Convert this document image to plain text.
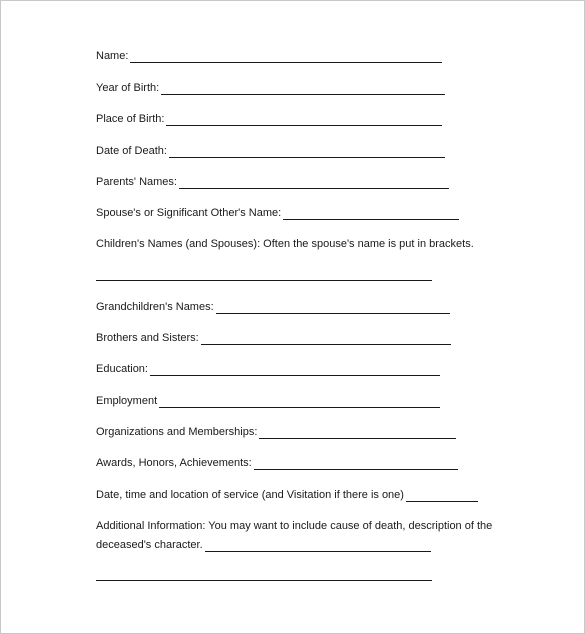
Name:
Year of Birth:
Place of Birth:
Date of Death:
Parents' Names:
Spouse's or Significant Other's Name:
Children's Names (and Spouses): Often the spouse's name is put in brackets.
Grandchildren's Names:
Brothers and Sisters:
Education:
Employment
Organizations and Memberships:
Awards, Honors, Achievements:
Date, time and location of service (and Visitation if there is one)
Additional Information: You may want to include cause of death, description of the
deceased's character.
